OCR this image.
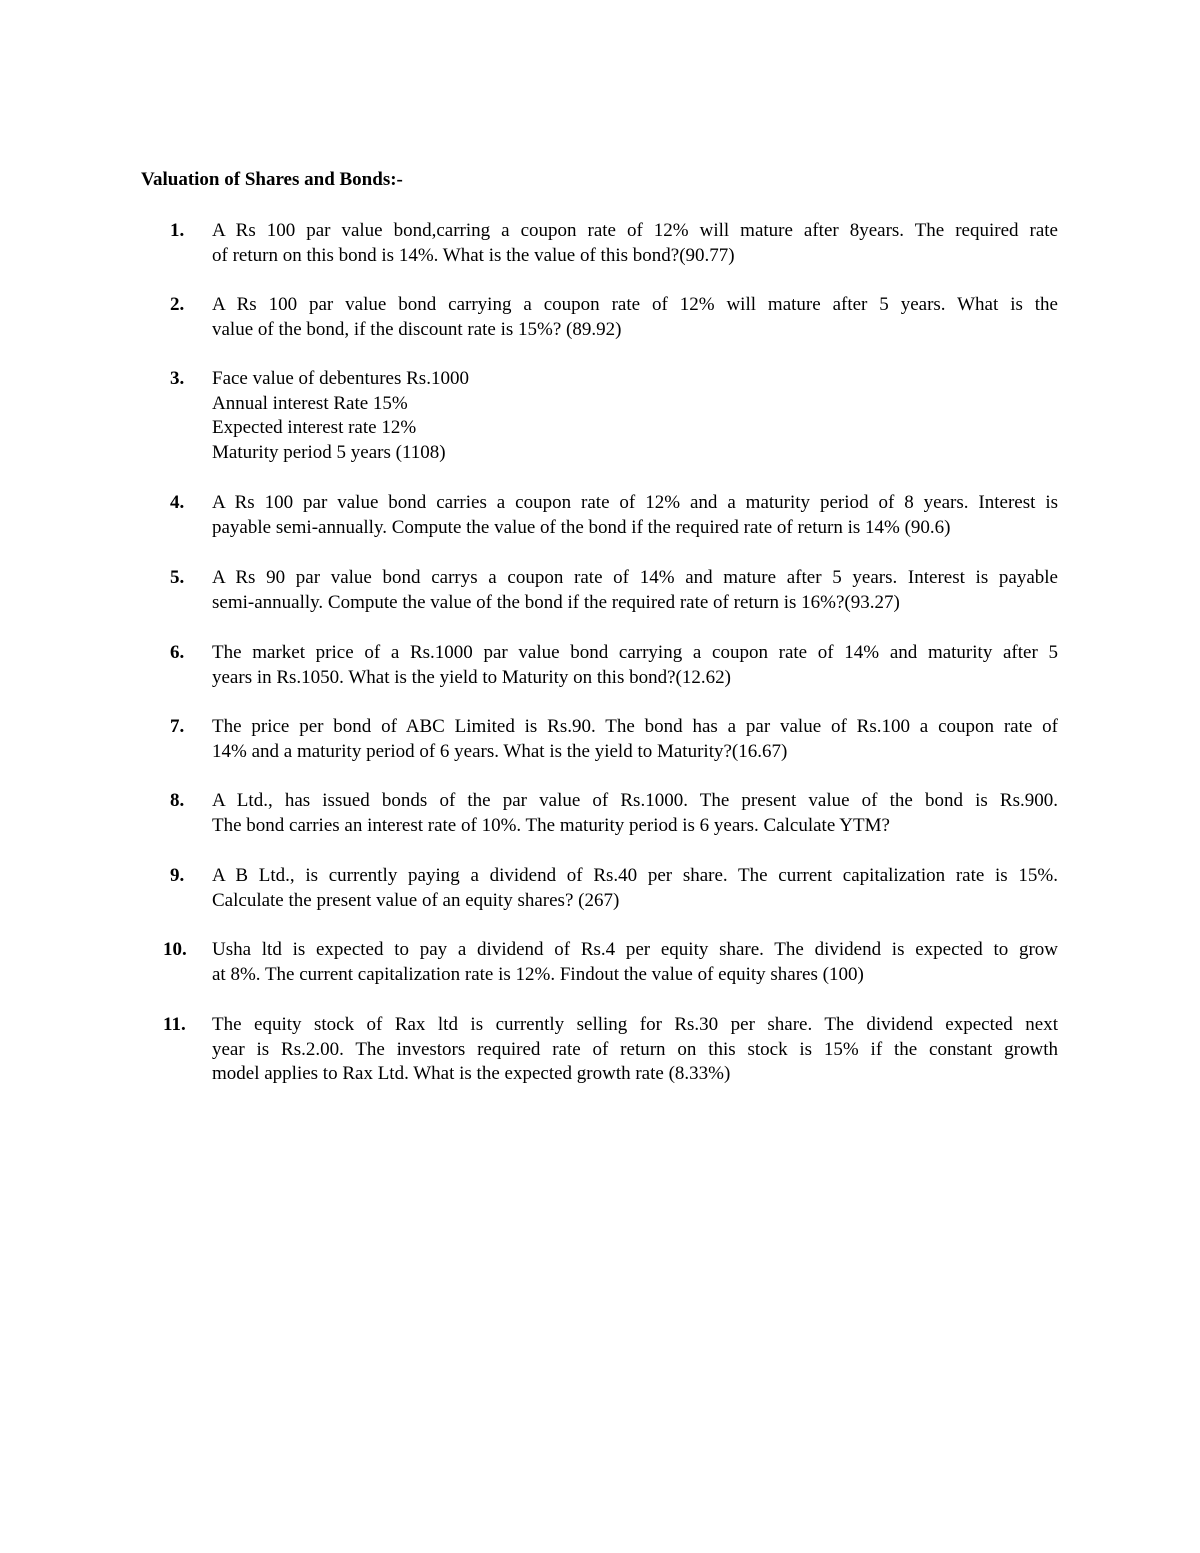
Valuation of Shares and Bonds:-
1.	A Rs 100 par value bond,carring a coupon rate of 12% will mature after 8years. The required rate
of return on this bond is 14%. What is the value of this bond?(90.77)
2.	A Rs 100 par value bond carrying a coupon rate of 12% will mature after 5 years. What is the
value of the bond, if the discount rate is 15%? (89.92)
3.	Face value of debentures Rs.1000
Annual interest Rate 15%
Expected interest rate 12%
Maturity period 5 years (1108)
4.	A Rs 100 par value bond carries a coupon rate of 12% and a maturity period of 8 years. Interest is
payable semi-annually. Compute the value of the bond if the required rate of return is 14% (90.6)
5.	A Rs 90 par value bond carrys a coupon rate of 14% and mature after 5 years. Interest is payable
semi-annually. Compute the value of the bond if the required rate of return is 16%?(93.27)
6.	The market price of a Rs.1000 par value bond carrying a coupon rate of 14% and maturity after 5
years in Rs.1050. What is the yield to Maturity on this bond?(12.62)
7.	The price per bond of ABC Limited is Rs.90. The bond has a par value of Rs.100 a coupon rate of
14% and a maturity period of 6 years. What is the yield to Maturity?(16.67)
8.	A Ltd., has issued bonds of the par value of Rs.1000. The present value of the bond is Rs.900.
The bond carries an interest rate of 10%. The maturity period is 6 years. Calculate YTM?
9.	A B Ltd., is currently paying a dividend of Rs.40 per share. The current capitalization rate is 15%.
Calculate the present value of an equity shares? (267)
10.	Usha ltd is expected to pay a dividend of Rs.4 per equity share. The dividend is expected to grow
at 8%. The current capitalization rate is 12%. Findout the value of equity shares (100)
11.	The equity stock of Rax ltd is currently selling for Rs.30 per share. The dividend expected next
year is Rs.2.00. The investors required rate of return on this stock is 15% if the constant growth
model applies to Rax Ltd. What is the expected growth rate (8.33%)
